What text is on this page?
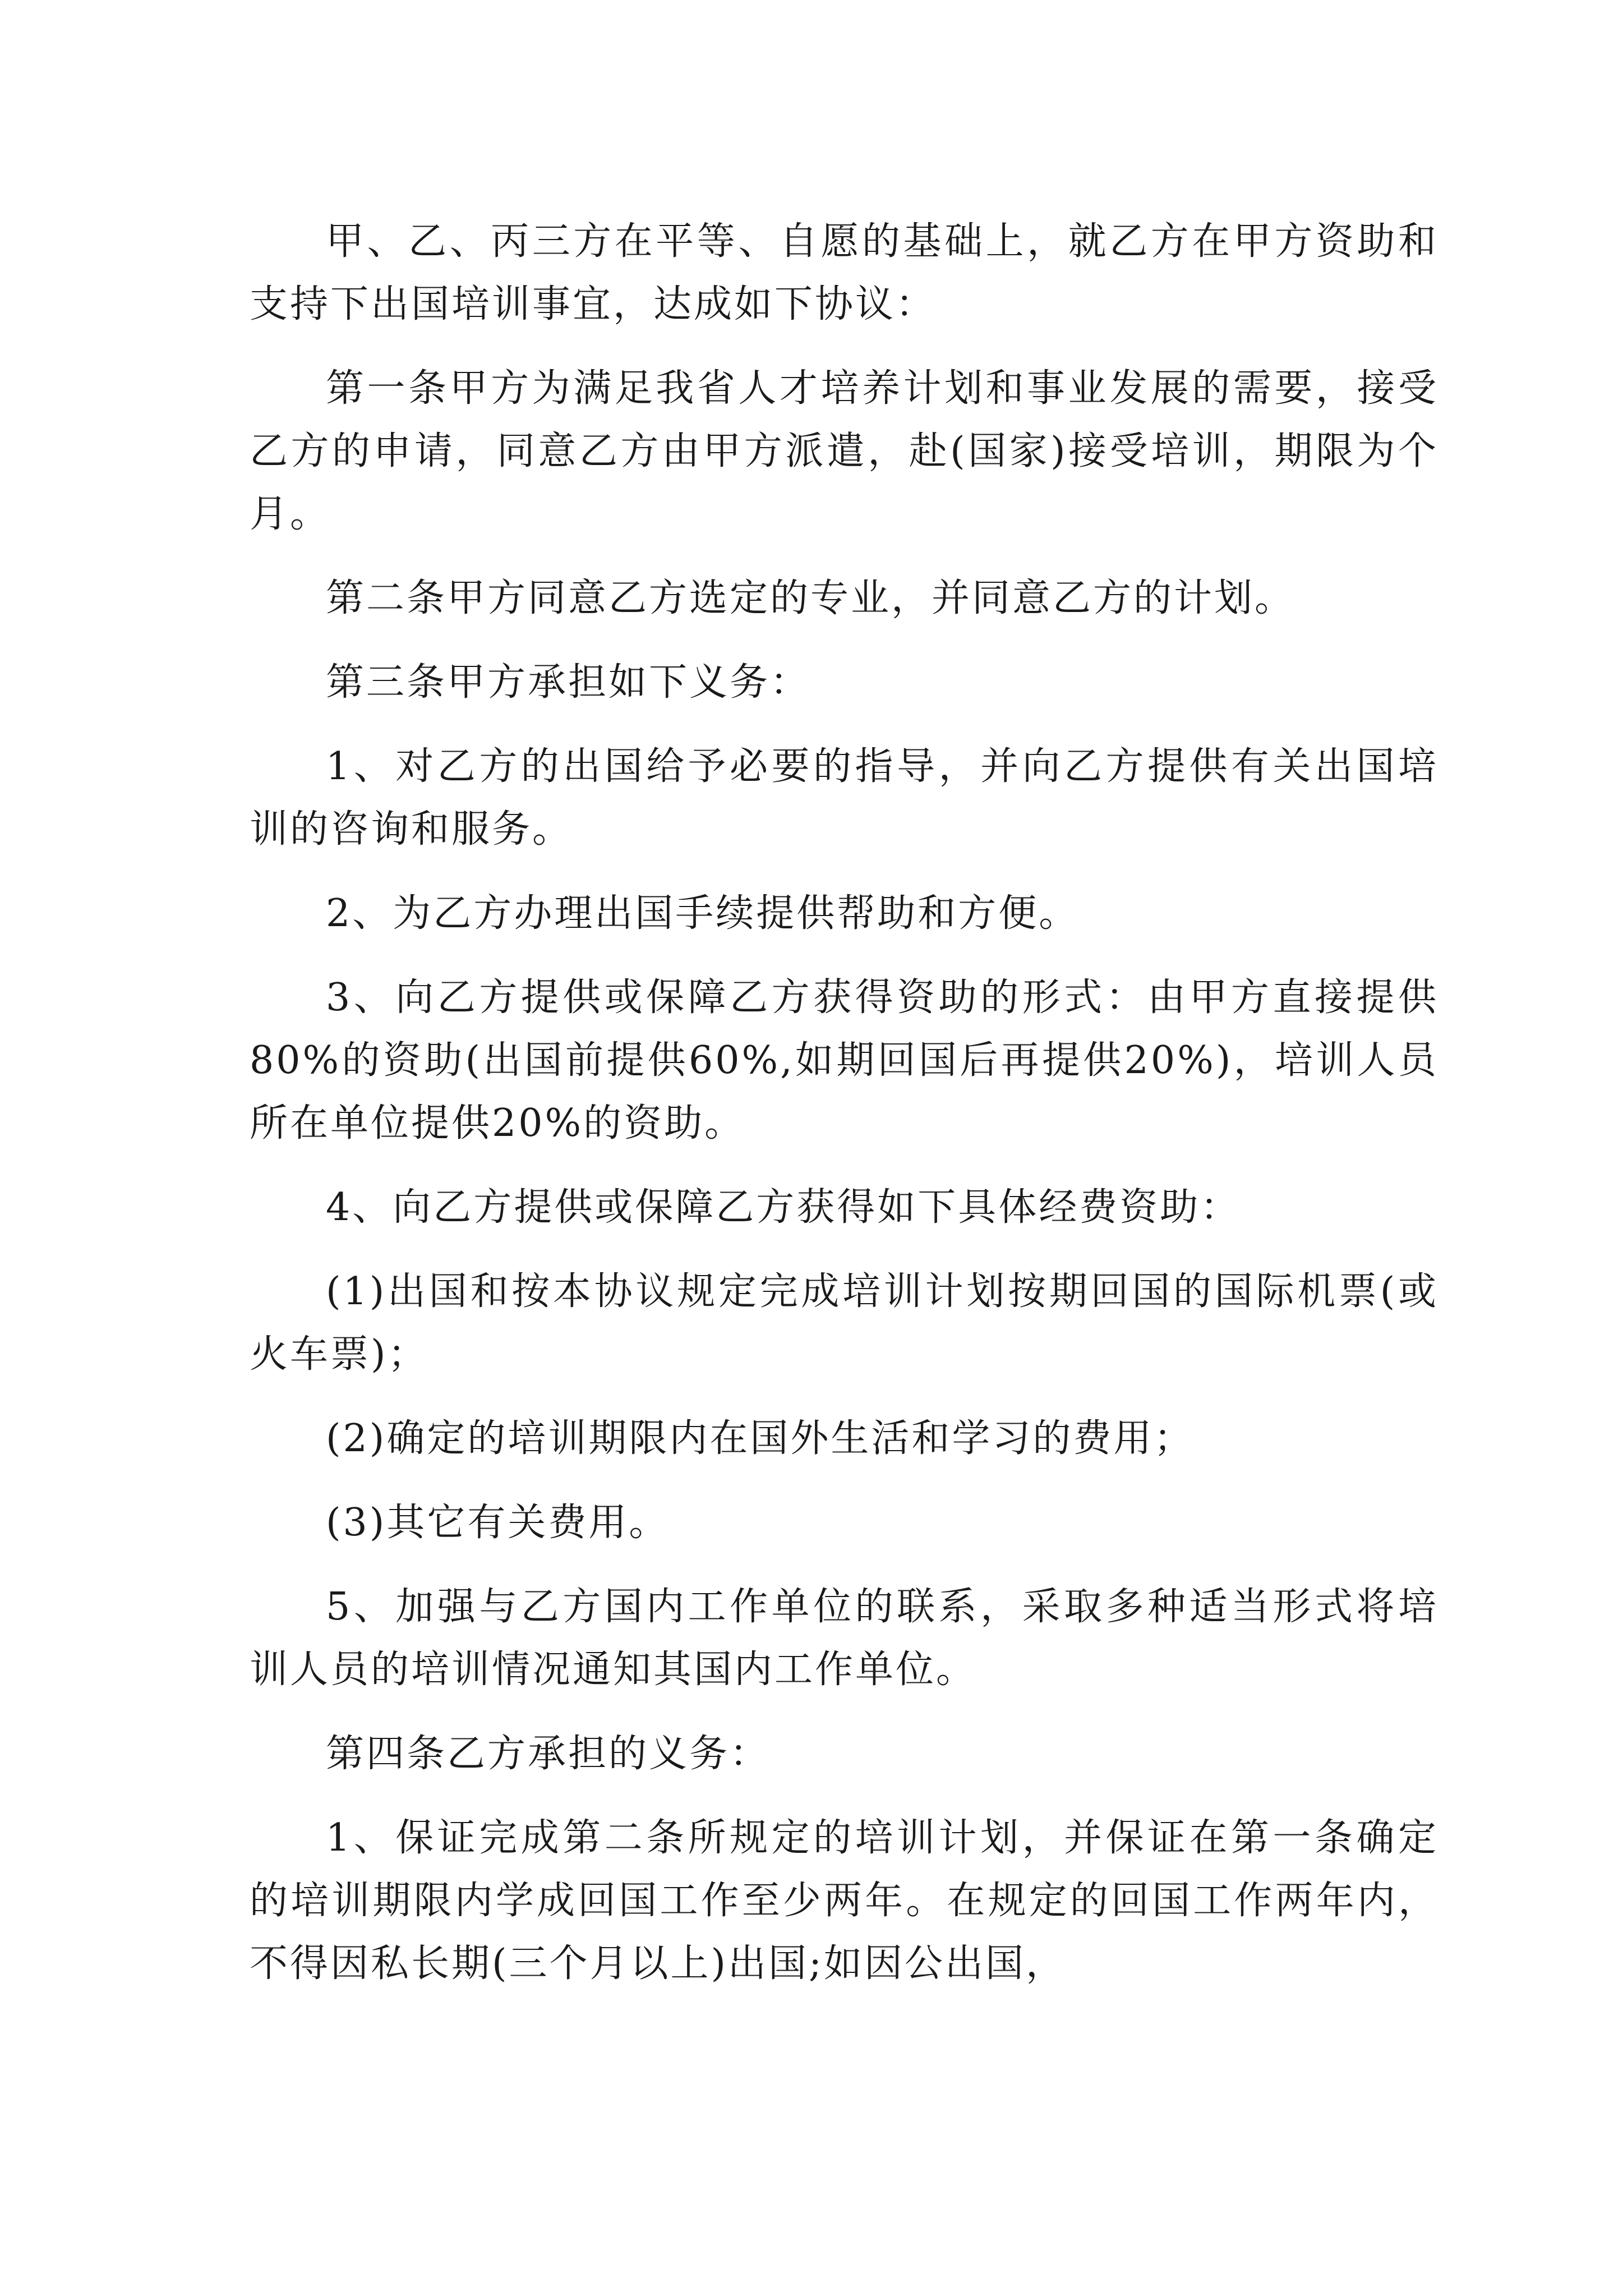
甲、乙、丙三方在平等、自愿的基础上，就乙方在甲方资助和支持下出国培训事宜，达成如下协议：

第一条甲方为满足我省人才培养计划和事业发展的需要，接受乙方的申请，同意乙方由甲方派遣，赴(国家)接受培训，期限为个月。

第二条甲方同意乙方选定的专业，并同意乙方的计划。

第三条甲方承担如下义务：

1、对乙方的出国给予必要的指导，并向乙方提供有关出国培训的咨询和服务。

2、为乙方办理出国手续提供帮助和方便。

3、向乙方提供或保障乙方获得资助的形式：由甲方直接提供80%的资助(出国前提供60%,如期回国后再提供20%)，培训人员所在单位提供20%的资助。

4、向乙方提供或保障乙方获得如下具体经费资助：

(1)出国和按本协议规定完成培训计划按期回国的国际机票(或火车票)；

(2)确定的培训期限内在国外生活和学习的费用；

(3)其它有关费用。

5、加强与乙方国内工作单位的联系，采取多种适当形式将培训人员的培训情况通知其国内工作单位。

第四条乙方承担的义务：

1、保证完成第二条所规定的培训计划，并保证在第一条确定的培训期限内学成回国工作至少两年。在规定的回国工作两年内，不得因私长期(三个月以上)出国;如因公出国，
